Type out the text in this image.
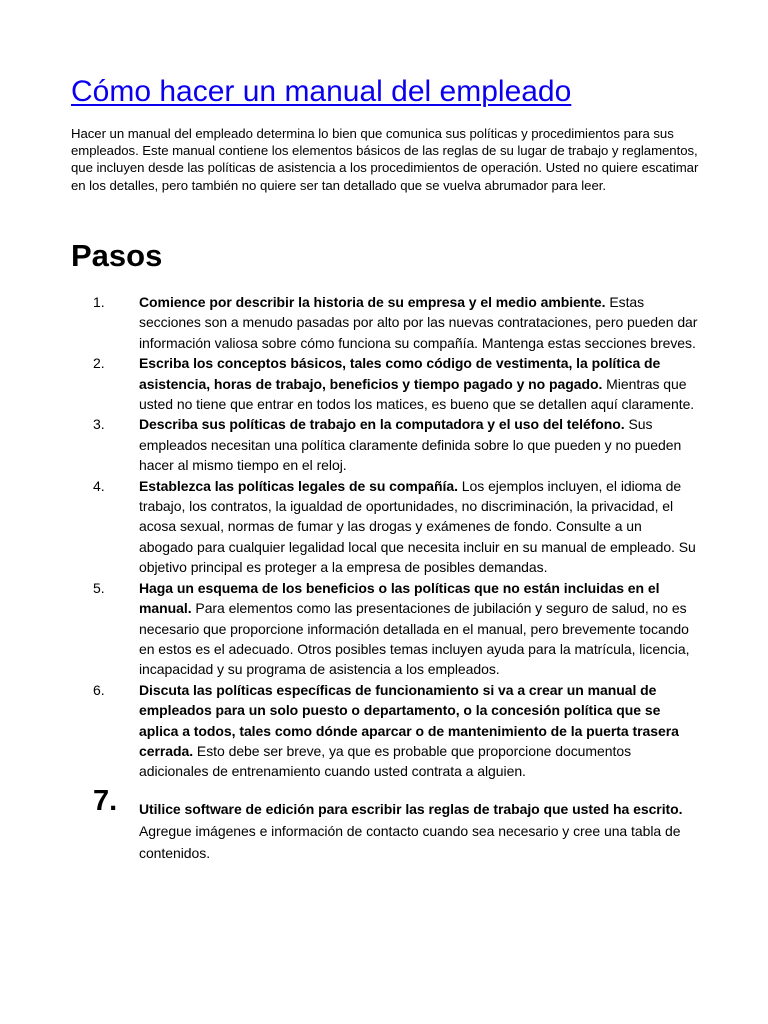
Cómo hacer un manual del empleado

Hacer un manual del empleado determina lo bien que comunica sus políticas y procedimientos para sus empleados. Este manual contiene los elementos básicos de las reglas de su lugar de trabajo y reglamentos, que incluyen desde las políticas de asistencia a los procedimientos de operación. Usted no quiere escatimar en los detalles, pero también no quiere ser tan detallado que se vuelva abrumador para leer.

Pasos
1. Comience por describir la historia de su empresa y el medio ambiente. Estas secciones son a menudo pasadas por alto por las nuevas contrataciones, pero pueden dar información valiosa sobre cómo funciona su compañía. Mantenga estas secciones breves.
2. Escriba los conceptos básicos, tales como código de vestimenta, la política de asistencia, horas de trabajo, beneficios y tiempo pagado y no pagado. Mientras que usted no tiene que entrar en todos los matices, es bueno que se detallen aquí claramente.
3. Describa sus políticas de trabajo en la computadora y el uso del teléfono. Sus empleados necesitan una política claramente definida sobre lo que pueden y no pueden hacer al mismo tiempo en el reloj.
4. Establezca las políticas legales de su compañía. Los ejemplos incluyen, el idioma de trabajo, los contratos, la igualdad de oportunidades, no discriminación, la privacidad, el acosa sexual, normas de fumar y las drogas y exámenes de fondo. Consulte a un abogado para cualquier legalidad local que necesita incluir en su manual de empleado. Su objetivo principal es proteger a la empresa de posibles demandas.
5. Haga un esquema de los beneficios o las políticas que no están incluidas en el manual. Para elementos como las presentaciones de jubilación y seguro de salud, no es necesario que proporcione información detallada en el manual, pero brevemente tocando en estos es el adecuado. Otros posibles temas incluyen ayuda para la matrícula, licencia, incapacidad y su programa de asistencia a los empleados.
6. Discuta las políticas específicas de funcionamiento si va a crear un manual de empleados para un solo puesto o departamento, o la concesión política que se aplica a todos, tales como dónde aparcar o de mantenimiento de la puerta trasera cerrada. Esto debe ser breve, ya que es probable que proporcione documentos adicionales de entrenamiento cuando usted contrata a alguien.
7. Utilice software de edición para escribir las reglas de trabajo que usted ha escrito. Agregue imágenes e información de contacto cuando sea necesario y cree una tabla de contenidos.
